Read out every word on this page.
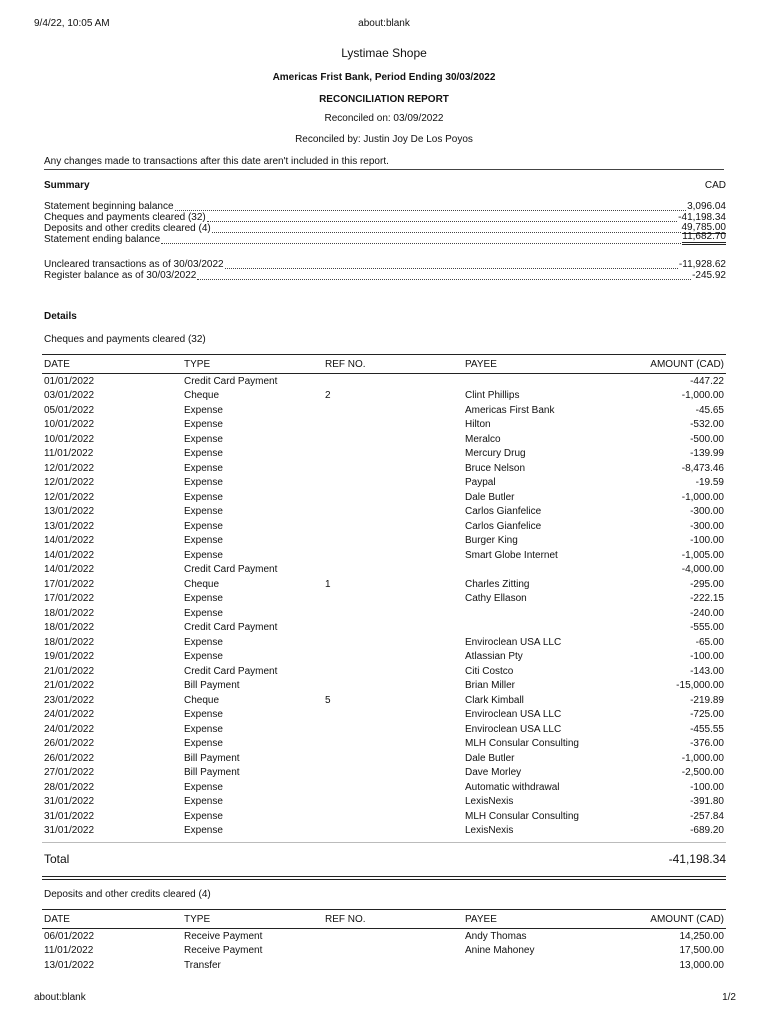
9/4/22, 10:05 AM	about:blank
Lystimae Shope
Americas Frist Bank, Period Ending 30/03/2022
RECONCILIATION REPORT
Reconciled on: 03/09/2022
Reconciled by: Justin Joy De Los Poyos
Any changes made to transactions after this date aren't included in this report.
Summary	CAD
Statement beginning balance	3,096.04
Cheques and payments cleared (32)	-41,198.34
Deposits and other credits cleared (4)	49,785.00
Statement ending balance	11,682.70
Uncleared transactions as of 30/03/2022	-11,928.62
Register balance as of 30/03/2022	-245.92
Details
Cheques and payments cleared (32)
DATE	TYPE	REF NO.	PAYEE	AMOUNT (CAD)
01/01/2022	Credit Card Payment			-447.22
03/01/2022	Cheque	2	Clint Phillips	-1,000.00
05/01/2022	Expense		Americas First Bank	-45.65
10/01/2022	Expense		Hilton	-532.00
10/01/2022	Expense		Meralco	-500.00
11/01/2022	Expense		Mercury Drug	-139.99
12/01/2022	Expense		Bruce Nelson	-8,473.46
12/01/2022	Expense		Paypal	-19.59
12/01/2022	Expense		Dale Butler	-1,000.00
13/01/2022	Expense		Carlos Gianfelice	-300.00
13/01/2022	Expense		Carlos Gianfelice	-300.00
14/01/2022	Expense		Burger King	-100.00
14/01/2022	Expense		Smart Globe Internet	-1,005.00
14/01/2022	Credit Card Payment			-4,000.00
17/01/2022	Cheque	1	Charles Zitting	-295.00
17/01/2022	Expense		Cathy Ellason	-222.15
18/01/2022	Expense			-240.00
18/01/2022	Credit Card Payment			-555.00
18/01/2022	Expense		Enviroclean USA LLC	-65.00
19/01/2022	Expense		Atlassian Pty	-100.00
21/01/2022	Credit Card Payment		Citi Costco	-143.00
21/01/2022	Bill Payment		Brian Miller	-15,000.00
23/01/2022	Cheque	5	Clark Kimball	-219.89
24/01/2022	Expense		Enviroclean USA LLC	-725.00
24/01/2022	Expense		Enviroclean USA LLC	-455.55
26/01/2022	Expense		MLH Consular Consulting	-376.00
26/01/2022	Bill Payment		Dale Butler	-1,000.00
27/01/2022	Bill Payment		Dave Morley	-2,500.00
28/01/2022	Expense		Automatic withdrawal	-100.00
31/01/2022	Expense		LexisNexis	-391.80
31/01/2022	Expense		MLH Consular Consulting	-257.84
31/01/2022	Expense		LexisNexis	-689.20
Total	-41,198.34
Deposits and other credits cleared (4)
DATE	TYPE	REF NO.	PAYEE	AMOUNT (CAD)
06/01/2022	Receive Payment		Andy Thomas	14,250.00
11/01/2022	Receive Payment		Anine Mahoney	17,500.00
13/01/2022	Transfer			13,000.00
about:blank	1/2
